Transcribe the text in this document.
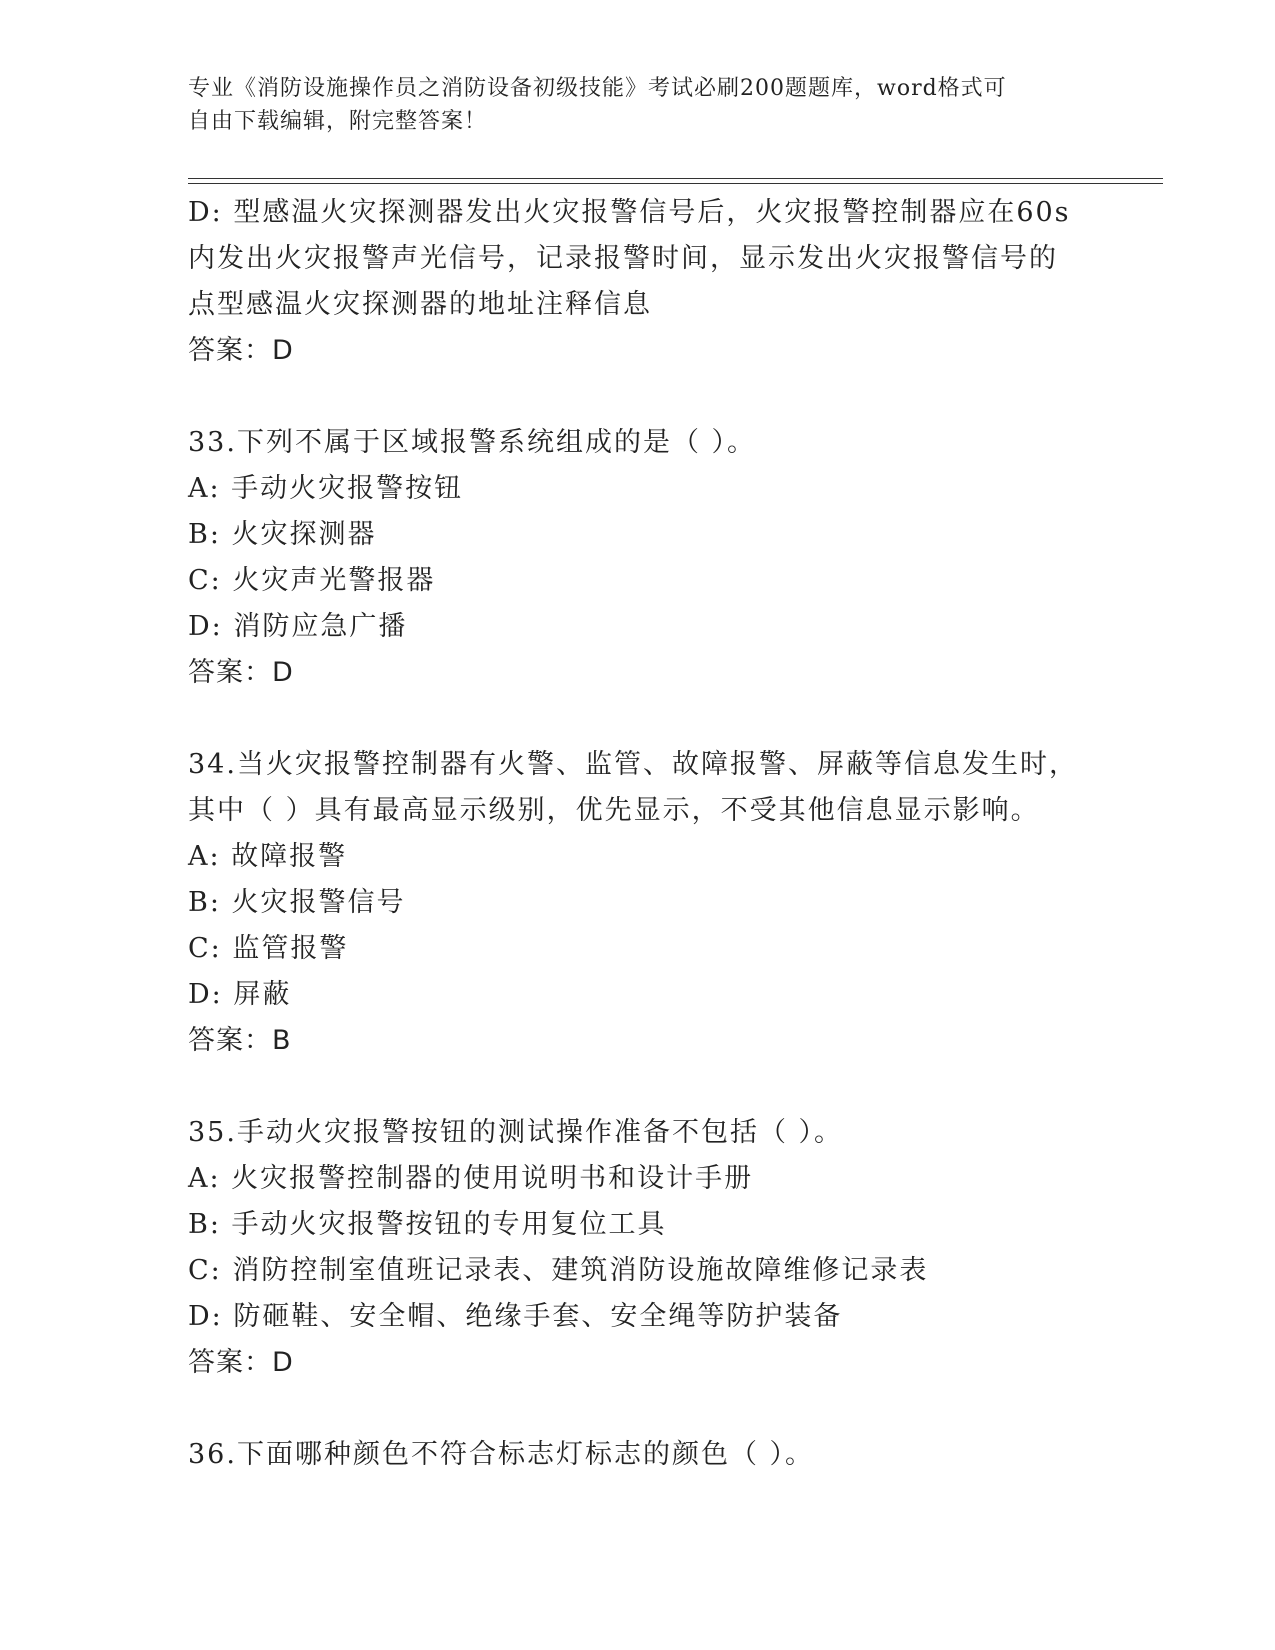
专业《消防设施操作员之消防设备初级技能》考试必刷200题题库，word格式可
自由下载编辑，附完整答案！
D: 型感温火灾探测器发出火灾报警信号后，火灾报警控制器应在60s
内发出火灾报警声光信号，记录报警时间，显示发出火灾报警信号的
点型感温火灾探测器的地址注释信息
答案：D
33.下列不属于区域报警系统组成的是（ ）。
A: 手动火灾报警按钮
B: 火灾探测器
C: 火灾声光警报器
D: 消防应急广播
答案：D
34.当火灾报警控制器有火警、监管、故障报警、屏蔽等信息发生时，
其中（ ）具有最高显示级别，优先显示，不受其他信息显示影响。
A: 故障报警
B: 火灾报警信号
C: 监管报警
D: 屏蔽
答案：B
35.手动火灾报警按钮的测试操作准备不包括（ ）。
A: 火灾报警控制器的使用说明书和设计手册
B: 手动火灾报警按钮的专用复位工具
C: 消防控制室值班记录表、建筑消防设施故障维修记录表
D: 防砸鞋、安全帽、绝缘手套、安全绳等防护装备
答案：D
36.下面哪种颜色不符合标志灯标志的颜色（ ）。
